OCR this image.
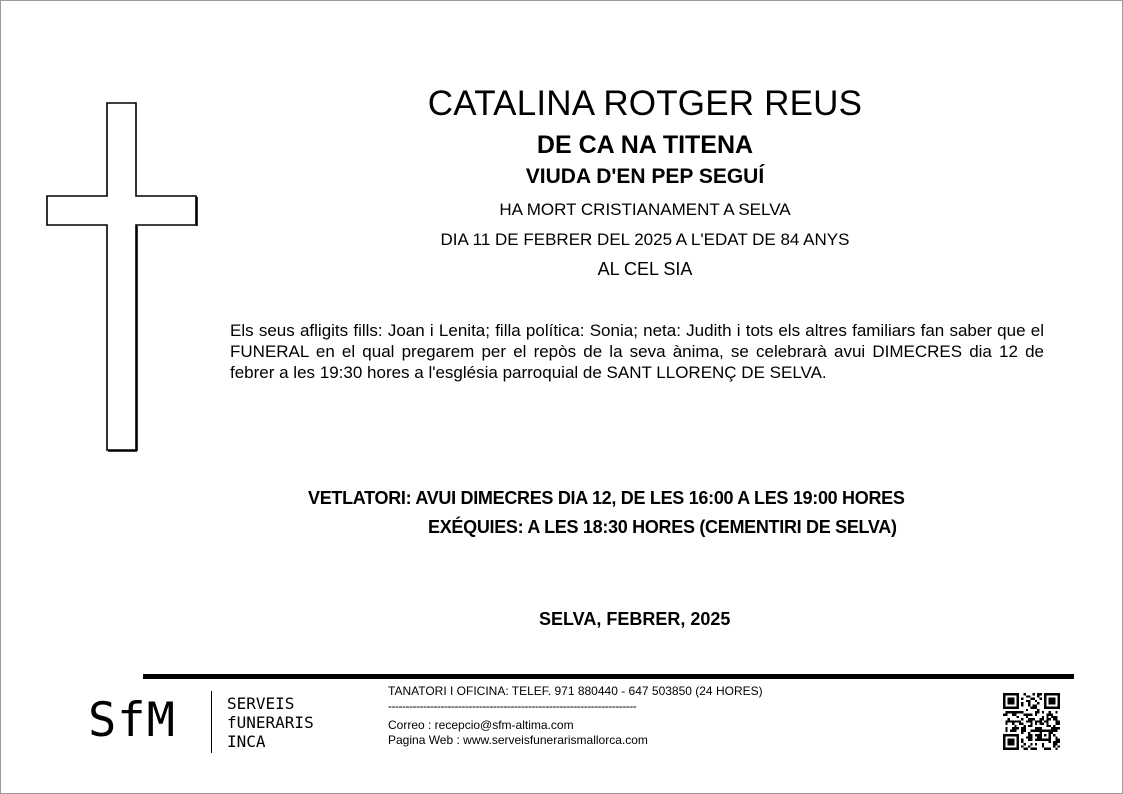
CATALINA ROTGER REUS
DE CA NA TITENA
VIUDA D'EN PEP SEGUÍ
HA MORT CRISTIANAMENT A SELVA
DIA 11 DE FEBRER DEL 2025 A L'EDAT DE 84 ANYS
AL CEL SIA
Els seus afligits fills: Joan i Lenita; filla política: Sonia; neta: Judith i tots els altres familiars fan saber que el FUNERAL en el qual pregarem per el repòs de la seva ànima, se celebrarà avui DIMECRES dia 12 de febrer a les 19:30 hores a l'església parroquial de SANT LLORENÇ DE SELVA.
VETLATORI: AVUI DIMECRES DIA 12, DE LES 16:00 A LES 19:00 HORES
EXÉQUIES: A LES 18:30 HORES (CEMENTIRI DE SELVA)
SELVA, FEBRER, 2025
SfM	SERVEIS
fUNERARIS
INCA
TANATORI I OFICINA: TELEF. 971 880440 - 647 503850 (24 HORES)
-----------------------------------------------------------------------
Correo : recepcio@sfm-altima.com
Pagina Web : www.serveisfunerarismallorca.com
